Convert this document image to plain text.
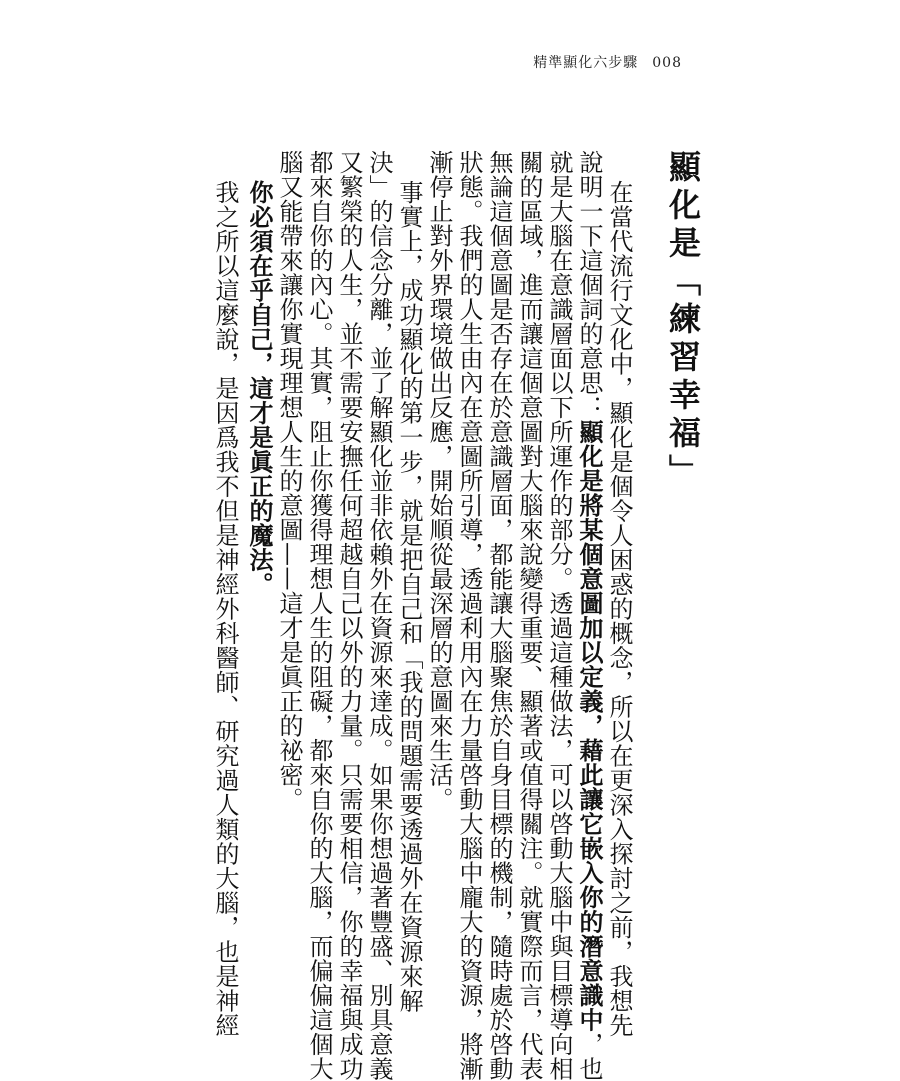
精準顯化六步驟 008
顯化是「練習幸福」
在當代流行文化中，顯化是個令人困惑的概念，所以在更深入探討之前，我想先
說明一下這個詞的意思：顯化是將某個意圖加以定義，藉此讓它嵌入你的潛意識中，也
就是大腦在意識層面以下所運作的部分。透過這種做法，可以啓動大腦中與目標導向相
關的區域，進而讓這個意圖對大腦來說變得重要、顯著或值得關注。就實際而言，代表
無論這個意圖是否存在於意識層面，都能讓大腦聚焦於自身目標的機制，隨時處於啓動
狀態。我們的人生由內在意圖所引導，透過利用內在力量啓動大腦中龐大的資源，將漸
漸停止對外界環境做出反應，開始順從最深層的意圖來生活。
事實上，成功顯化的第一步，就是把自己和「我的問題需要透過外在資源來解
決」的信念分離，並了解顯化並非依賴外在資源來達成。如果你想過著豐盛、別具意義
又繁榮的人生，並不需要安撫任何超越自己以外的力量。只需要相信，你的幸福與成功
都來自你的內心。其實，阻止你獲得理想人生的阻礙，都來自你的大腦，而偏偏這個大
腦又能帶來讓你實現理想人生的意圖——這才是眞正的祕密。
你必須在乎自己，這才是眞正的魔法。
我之所以這麼說，是因爲我不但是神經外科醫師、研究過人類的大腦，也是神經
